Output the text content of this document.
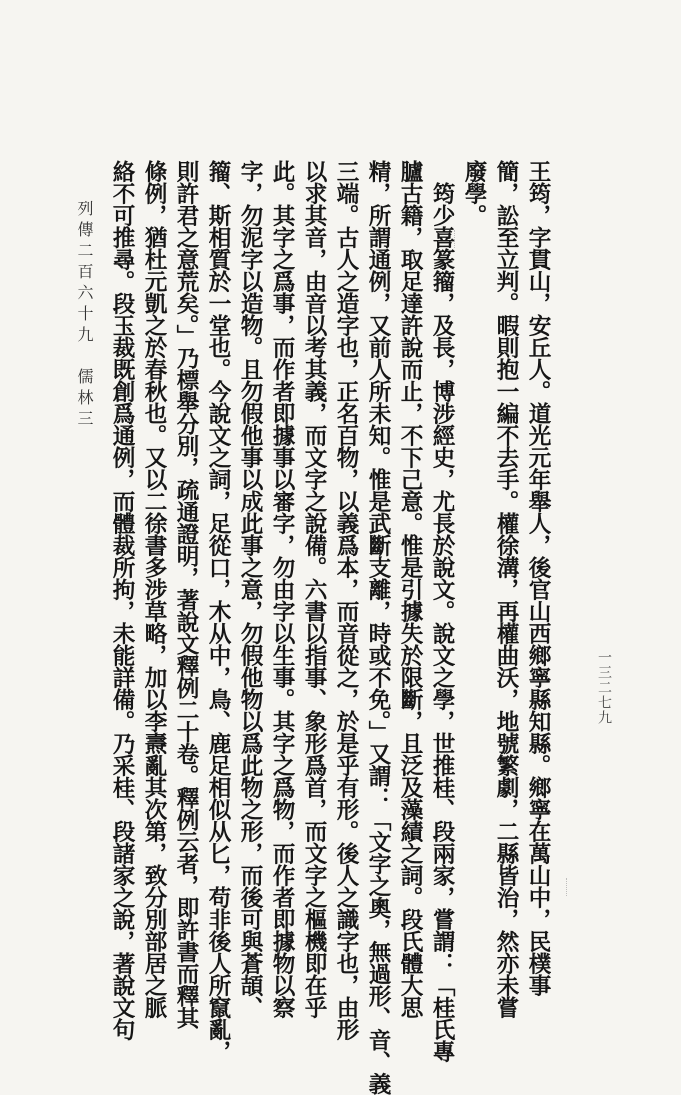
王筠，字貫山，安丘人。道光元年舉人，後官山西鄉寧縣知縣。鄉寧在萬山中，民樸事
簡，訟至立判。暇則抱一編不去手。權徐溝，再權曲沃，地號繁劇，二縣皆治，然亦未嘗
廢學。
筠少喜篆籀，及長，博涉經史，尤長於說文。說文之學，世推桂、段兩家，嘗謂：「桂氏專
臚古籍，取足達許說而止，不下己意。惟是引據失於限斷，且泛及藻績之詞。段氏體大思
精，所謂通例，又前人所未知。惟是武斷支離，時或不免。」又謂：「文字之奧，無過形、音、義
三端。古人之造字也，正名百物，以義爲本，而音從之，於是乎有形。後人之識字也，由形
以求其音，由音以考其義，而文字之說備。六書以指事、象形爲首，而文字之樞機即在乎
此。其字之爲事，而作者即據事以審字，勿由字以生事。其字之爲物，而作者即據物以察
字，勿泥字以造物。且勿假他事以成此事之意，勿假他物以爲此物之形，而後可與蒼頡、
籀、斯相質於一堂也。今說文之詞，足從口，木从中，鳥、鹿足相似从匕，苟非後人所竄亂，
則許君之意荒矣。」乃標舉分別，疏通證明，著說文釋例二十卷。釋例云者，即許書而釋其
條例，猶杜元凱之於春秋也。又以二徐書多涉草略，加以李燾亂其次第，致分別部居之脈
絡不可推尋。段玉裁既創爲通例，而體裁所拘，未能詳備。乃采桂、段諸家之說，著說文句
列傳二百六十九　儒林三
一三二七九
